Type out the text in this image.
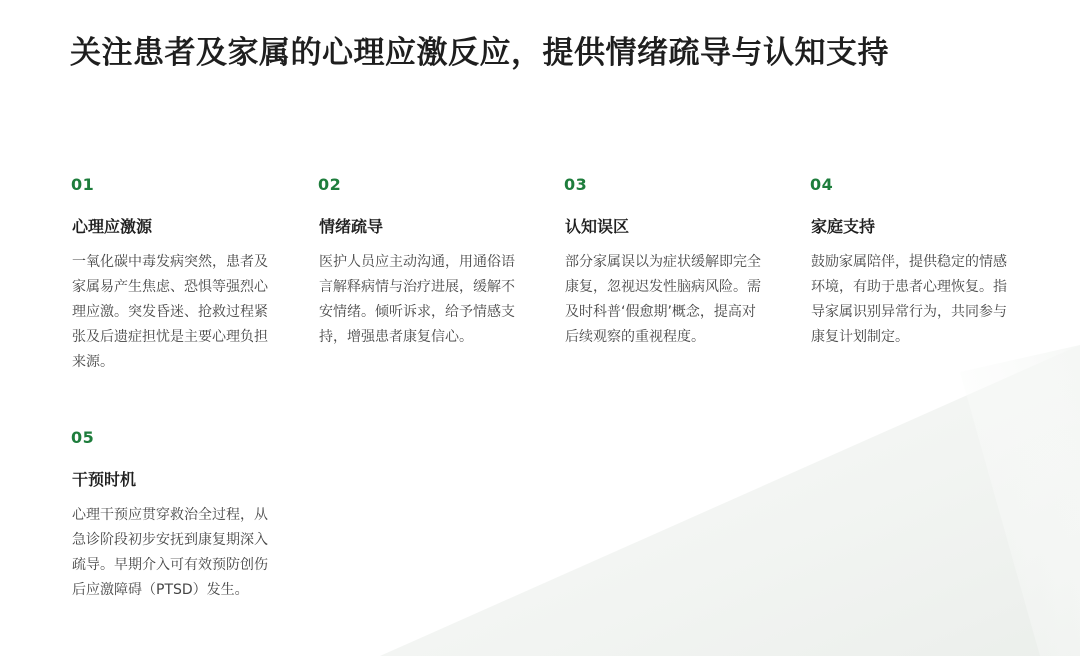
关注患者及家属的心理应激反应，提供情绪疏导与认知支持
01
心理应激源

一氧化碳中毒发病突然，患者及家属易产生焦虑、恐惧等强烈心理应激。突发昏迷、抢救过程紧张及后遗症担忧是主要心理负担来源。

02
情绪疏导

医护人员应主动沟通，用通俗语言解释病情与治疗进展，缓解不安情绪。倾听诉求，给予情感支持，增强患者康复信心。

03
认知误区

部分家属误以为症状缓解即完全康复，忽视迟发性脑病风险。需及时科普‘假愈期’概念，提高对后续观察的重视程度。

04
家庭支持

鼓励家属陪伴，提供稳定的情感环境，有助于患者心理恢复。指导家属识别异常行为，共同参与康复计划制定。

05
干预时机

心理干预应贯穿救治全过程，从急诊阶段初步安抚到康复期深入疏导。早期介入可有效预防创伤后应激障碍（PTSD）发生。
